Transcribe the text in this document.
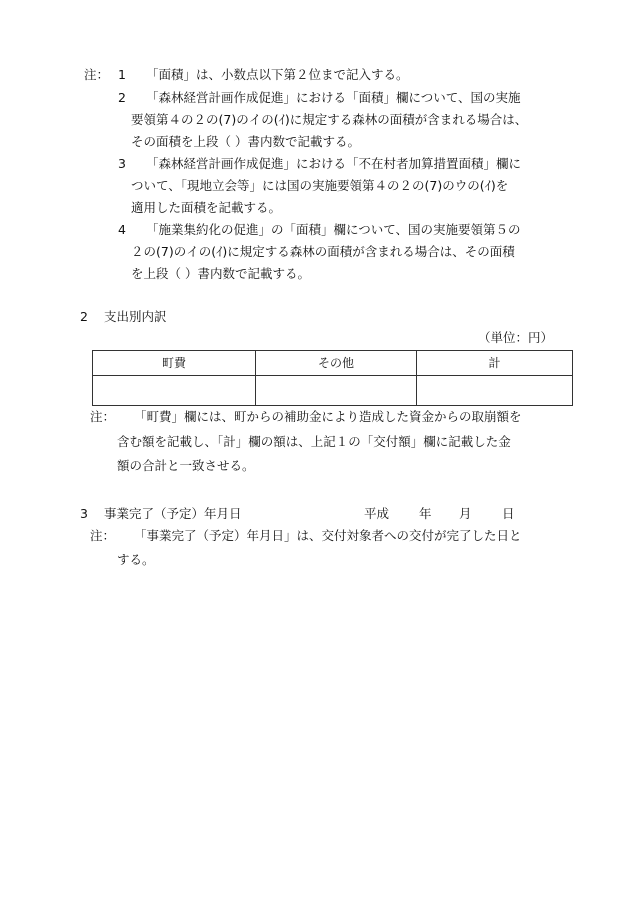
注： 1 「面積」は、小数点以下第２位まで記入する。
2 「森林経営計画作成促進」における「面積」欄について、国の実施
要領第４の２の(7)のイの(ｲ)に規定する森林の面積が含まれる場合は、
その面積を上段（ ）書内数で記載する。
3 「森林経営計画作成促進」における「不在村者加算措置面積」欄に
ついて、「現地立会等」には国の実施要領第４の２の(7)のウの(ｲ)を
適用した面積を記載する。
4 「施業集約化の促進」の「面積」欄について、国の実施要領第５の
２の(7)のイの(ｲ)に規定する森林の面積が含まれる場合は、その面積
を上段（ ）書内数で記載する。
2 支出別内訳
（単位：円）
町費	その他	計
注： 「町費」欄には、町からの補助金により造成した資金からの取崩額を
含む額を記載し、「計」欄の額は、上記１の「交付額」欄に記載した金
額の合計と一致させる。
3 事業完了（予定）年月日	平成 年 月 日
注： 「事業完了（予定）年月日」は、交付対象者への交付が完了した日と
する。
